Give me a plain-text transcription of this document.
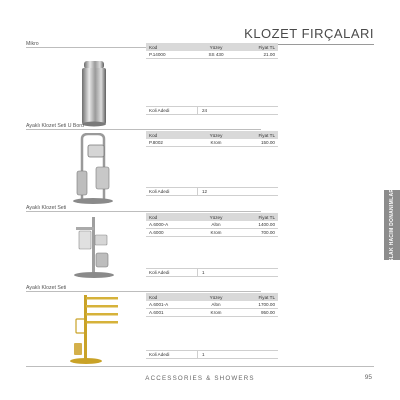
KLOZET FIRÇALARI
Mikro	Kod	Yüzey	Fiyat TL
P.14000	SS 430	21.00
Koli Adedi	24
Ayaklı Klozet Seti U Boru
Kod	Yüzey	Fiyat TL
P.8002	Krom	150.00
Koli Adedi	12
Ayaklı Klozet Seti
Kod	Yüzey	Fiyat TL
A.6000-A	Altın	1400.00
A.6000	Krom	700.00
Koli Adedi	1
Ayaklı Klozet Seti
Kod	Yüzey	Fiyat TL
A.6001-A	Altın	1700.00
A.6001	Krom	950.00
Koli Adedi	1
ISLAK HACIM DONANIMLARI
ACCESSORIES & SHOWERS	95
